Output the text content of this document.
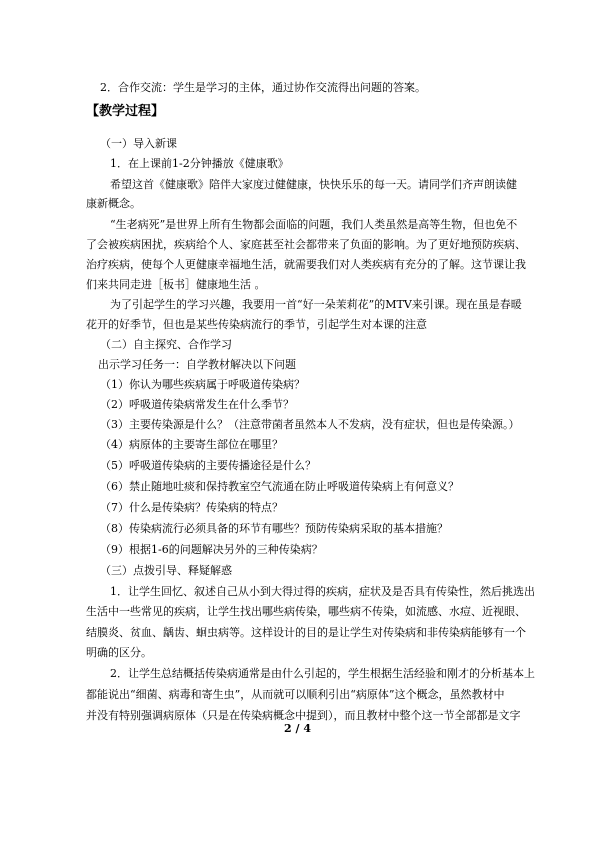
2．合作交流：学生是学习的主体，通过协作交流得出问题的答案。
【教学过程】
（一）导入新课
1．在上课前1-2分钟播放《健康歌》
希望这首《健康歌》陪伴大家度过健健康，快快乐乐的每一天。请同学们齐声朗读健
康新概念。
“生老病死”是世界上所有生物都会面临的问题，我们人类虽然是高等生物，但也免不
了会被疾病困扰，疾病给个人、家庭甚至社会都带来了负面的影响。为了更好地预防疾病、
治疗疾病，使每个人更健康幸福地生活，就需要我们对人类疾病有充分的了解。这节课让我
们来共同走进［板书］健康地生活 。
为了引起学生的学习兴趣，我要用一首“好一朵茉莉花”的MTV来引课。现在虽是春暖
花开的好季节，但也是某些传染病流行的季节，引起学生对本课的注意
（二）自主探究、合作学习
出示学习任务一：自学教材解决以下问题
（1）你认为哪些疾病属于呼吸道传染病？
（2）呼吸道传染病常发生在什么季节？
（3）主要传染源是什么？（注意带菌者虽然本人不发病，没有症状，但也是传染源。）
（4）病原体的主要寄生部位在哪里？
（5）呼吸道传染病的主要传播途径是什么？
（6）禁止随地吐痰和保持教室空气流通在防止呼吸道传染病上有何意义？
（7）什么是传染病？传染病的特点？
（8）传染病流行必须具备的环节有哪些？预防传染病采取的基本措施？
（9）根据1-6的问题解决另外的三种传染病？
（三）点拨引导、释疑解惑
1．让学生回忆、叙述自己从小到大得过得的疾病，症状及是否具有传染性，然后挑选出
生活中一些常见的疾病，让学生找出哪些病传染，哪些病不传染，如流感、水痘、近视眼、
结膜炎、贫血、龋齿、蛔虫病等。这样设计的目的是让学生对传染病和非传染病能够有一个
明确的区分。
2．让学生总结概括传染病通常是由什么引起的，学生根据生活经验和刚才的分析基本上
都能说出“细菌、病毒和寄生虫”，从而就可以顺利引出“病原体”这个概念，虽然教材中
并没有特别强调病原体（只是在传染病概念中提到），而且教材中整个这一节全部都是文字
2 / 4
